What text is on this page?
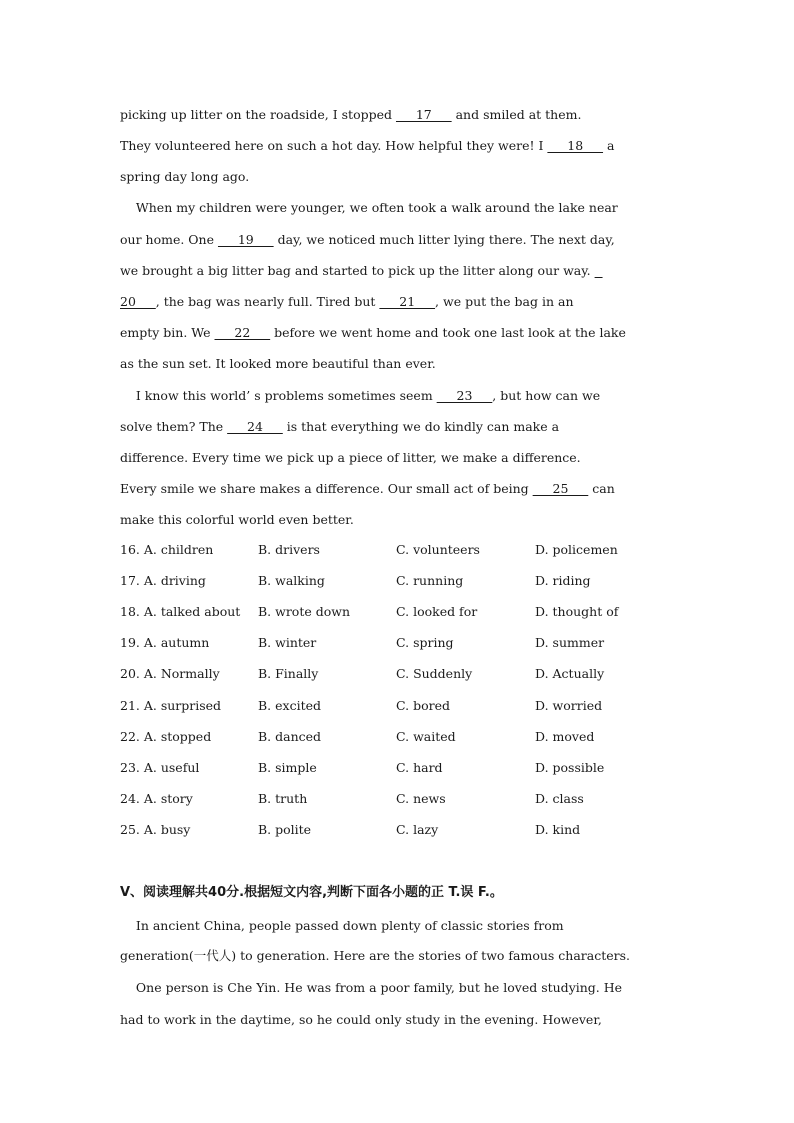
picking up litter on the roadside, I stopped      17      and smiled at them.
They volunteered here on such a hot day. How helpful they were! I      18      a
spring day long ago.
When my children were younger, we often took a walk around the lake near
our home. One      19      day, we noticed much litter lying there. The next day,
we brought a big litter bag and started to pick up the litter along our way.
20     , the bag was nearly full. Tired but      21     , we put the bag in an
empty bin. We      22      before we went home and took one last look at the lake
as the sun set. It looked more beautiful than ever.
I know this world’ s problems sometimes seem      23     , but how can we
solve them? The      24      is that everything we do kindly can make a
difference. Every time we pick up a piece of litter, we make a difference.
Every smile we share makes a difference. Our small act of being      25      can
make this colorful world even better.
16. A. children	B. drivers	C. volunteers	D. policemen
17. A. driving	B. walking	C. running	D. riding
18. A. talked about B. wrote down	C. looked for	D. thought of
19. A. autumn	B. winter	C. spring	D. summer
20. A. Normally	B. Finally	C. Suddenly	D. Actually
21. A. surprised	B. excited	C. bored	D. worried
22. A. stopped	B. danced	C. waited	D. moved
23. A. useful	B. simple	C. hard	D. possible
24. A. story	B. truth	C. news	D. class
25. A. busy	B. polite	C. lazy	D. kind
V、阅读理解共40分.根据短文内容,判断下面各小题的正 T.误 F.。
In ancient China, people passed down plenty of classic stories from
generation(一代人) to generation. Here are the stories of two famous characters.
One person is Che Yin. He was from a poor family, but he loved studying. He
had to work in the daytime, so he could only study in the evening. However,
